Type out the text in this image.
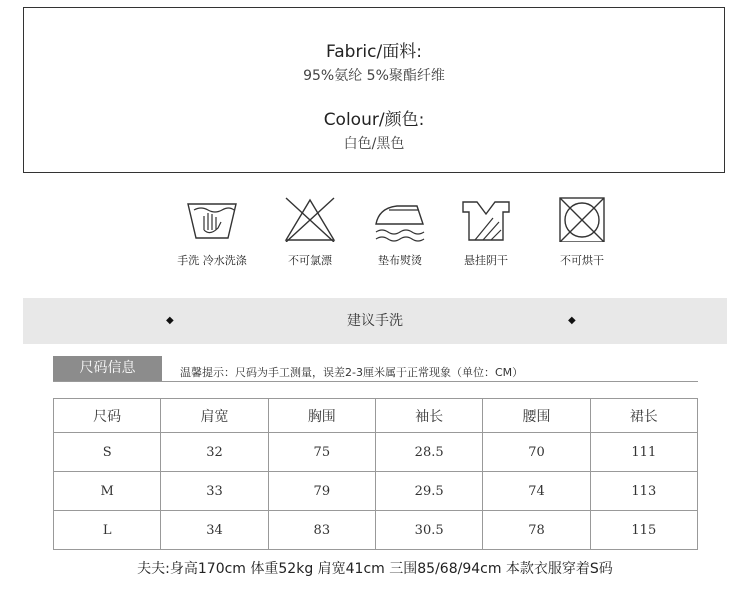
Fabric/面料:
95%氨纶 5%聚酯纤维
Colour/颜色:
白色/黑色
手洗 冷水洗涤	不可氯漂	垫布熨烫	悬挂阴干	不可烘干
◆	建议手洗	◆
尺码信息	温馨提示：尺码为手工测量，误差2-3厘米属于正常现象（单位：CM）
尺码	肩宽	胸围	袖长	腰围	裙长
S	32	75	28.5	70	111
M	33	79	29.5	74	113
L	34	83	30.5	78	115
夫夫:身高170cm 体重52kg 肩宽41cm 三围85/68/94cm 本款衣服穿着S码
